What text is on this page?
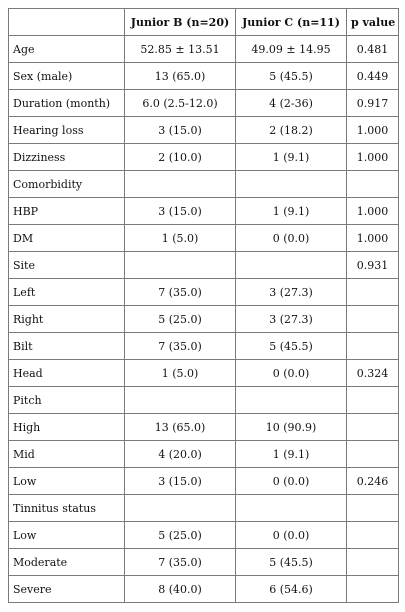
	Junior B (n=20)	Junior C (n=11)	p value
Age	52.85 ± 13.51	49.09 ± 14.95	0.481
Sex (male)	13 (65.0)	5 (45.5)	0.449
Duration (month)	6.0 (2.5-12.0)	4 (2-36)	0.917
Hearing loss	3 (15.0)	2 (18.2)	1.000
Dizziness	2 (10.0)	1 (9.1)	1.000
Comorbidity			
HBP	3 (15.0)	1 (9.1)	1.000
DM	1 (5.0)	0 (0.0)	1.000
Site			0.931
Left	7 (35.0)	3 (27.3)	
Right	5 (25.0)	3 (27.3)	
Bilt	7 (35.0)	5 (45.5)	
Head	1 (5.0)	0 (0.0)	0.324
Pitch			
High	13 (65.0)	10 (90.9)	
Mid	4 (20.0)	1 (9.1)	
Low	3 (15.0)	0 (0.0)	0.246
Tinnitus status			
Low	5 (25.0)	0 (0.0)	
Moderate	7 (35.0)	5 (45.5)	
Severe	8 (40.0)	6 (54.6)	
